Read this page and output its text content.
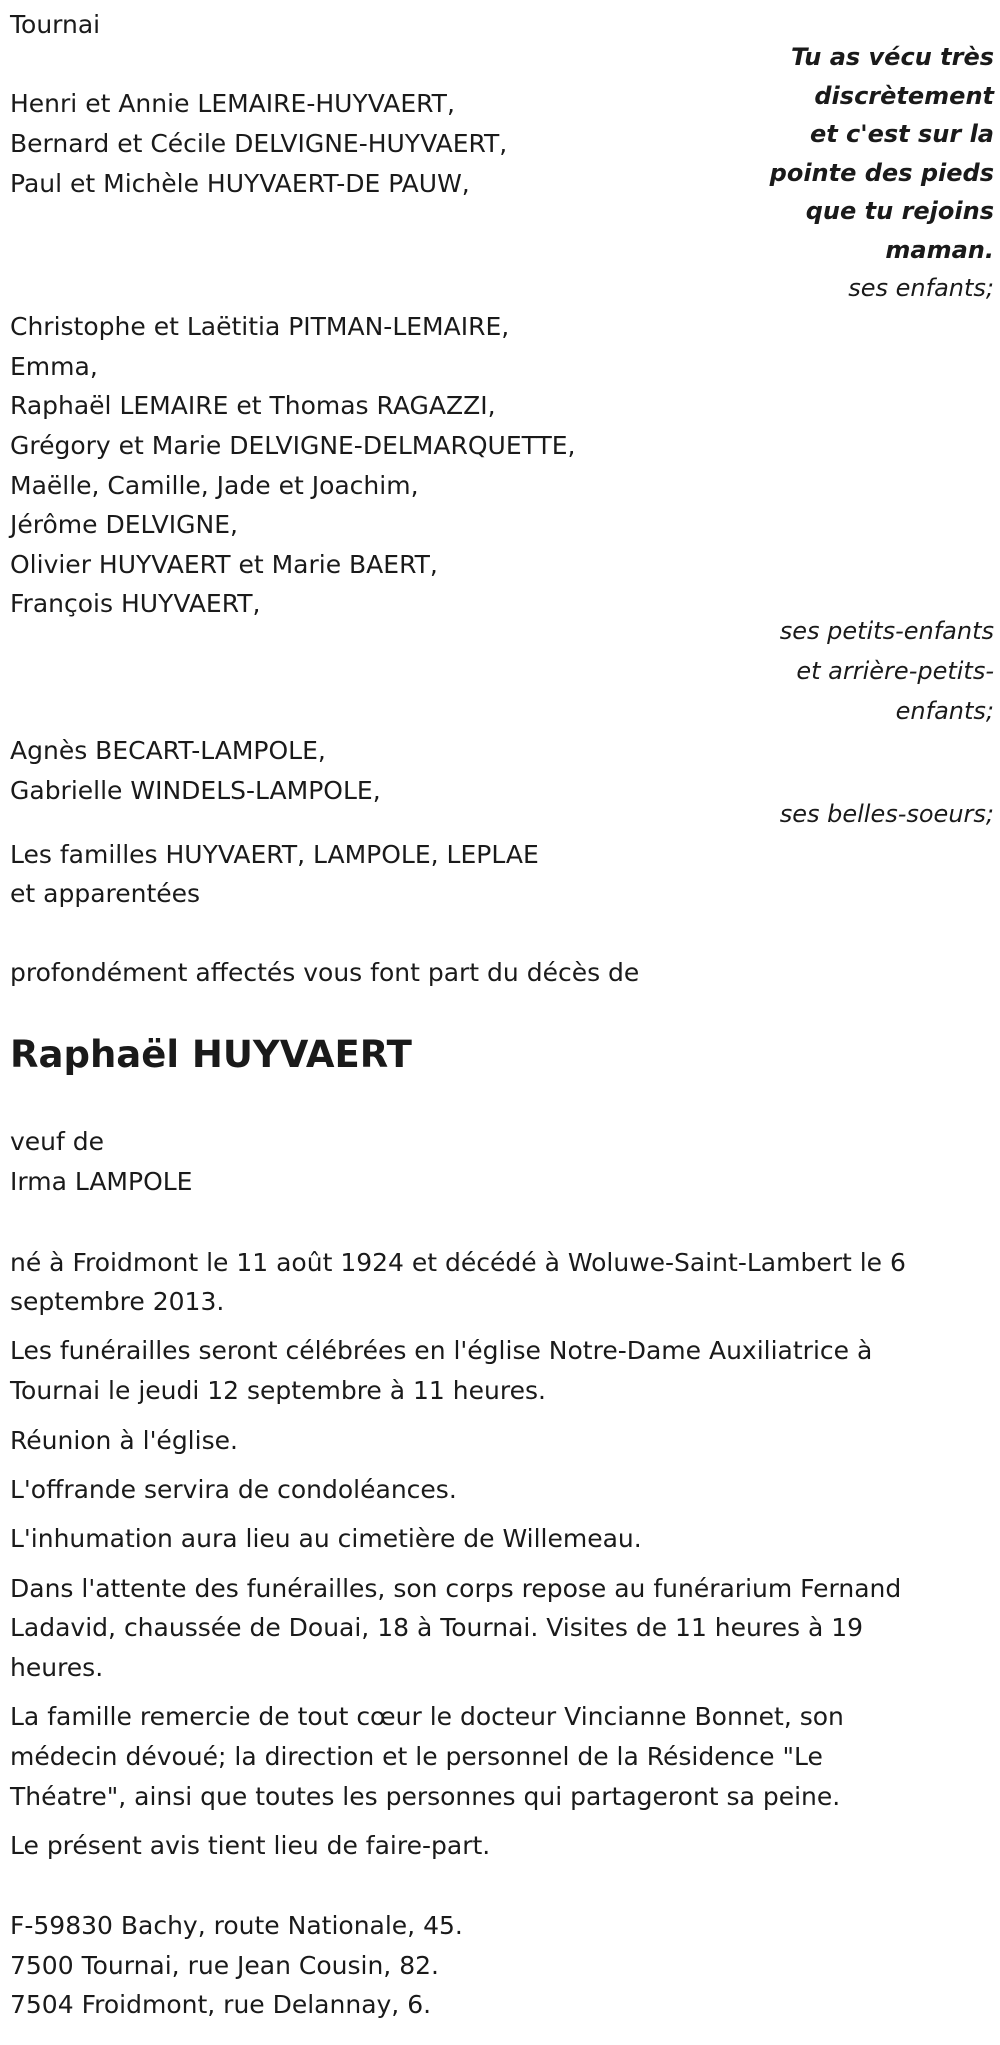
Tournai
Tu as vécu très
discrètement
et c'est sur la
pointe des pieds
que tu rejoins
maman.
ses enfants;
Henri et Annie LEMAIRE-HUYVAERT,
Bernard et Cécile DELVIGNE-HUYVAERT,
Paul et Michèle HUYVAERT-DE PAUW,
Christophe et Laëtitia PITMAN-LEMAIRE,
Emma,
Raphaël LEMAIRE et Thomas RAGAZZI,
Grégory et Marie DELVIGNE-DELMARQUETTE,
Maëlle, Camille, Jade et Joachim,
Jérôme DELVIGNE,
Olivier HUYVAERT et Marie BAERT,
François HUYVAERT,
ses petits-enfants
et arrière-petits-
enfants;
Agnès BECART-LAMPOLE,
Gabrielle WINDELS-LAMPOLE,
ses belles-soeurs;
Les familles HUYVAERT, LAMPOLE, LEPLAE
et apparentées
profondément affectés vous font part du décès de
Raphaël HUYVAERT
veuf de
Irma LAMPOLE
né à Froidmont le 11 août 1924 et décédé à Woluwe-Saint-Lambert le 6
septembre 2013.
Les funérailles seront célébrées en l'église Notre-Dame Auxiliatrice à
Tournai le jeudi 12 septembre à 11 heures.
Réunion à l'église.
L'offrande servira de condoléances.
L'inhumation aura lieu au cimetière de Willemeau.
Dans l'attente des funérailles, son corps repose au funérarium Fernand
Ladavid, chaussée de Douai, 18 à Tournai. Visites de 11 heures à 19
heures.
La famille remercie de tout cœur le docteur Vincianne Bonnet, son
médecin dévoué; la direction et le personnel de la Résidence "Le
Théatre", ainsi que toutes les personnes qui partageront sa peine.
Le présent avis tient lieu de faire-part.
F-59830 Bachy, route Nationale, 45.
7500 Tournai, rue Jean Cousin, 82.
7504 Froidmont, rue Delannay, 6.
